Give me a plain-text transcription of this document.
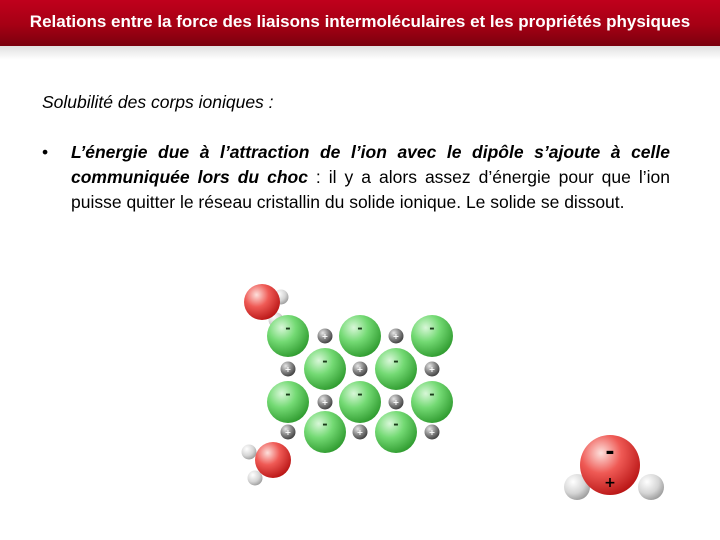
Relations entre la force des liaisons intermoléculaires et les propriétés physiques
Solubilité des corps ioniques :
• L’énergie due à l’attraction de l’ion avec le dipôle s’ajoute à celle communiquée lors du choc : il y a alors assez d’énergie pour que l’ion puisse quitter le réseau cristallin du solide ionique. Le solide se dissout.
-	-	-
-	-
-	-	-
-	-
+	+
+	+	+
+	+
+	+	+
-
+
